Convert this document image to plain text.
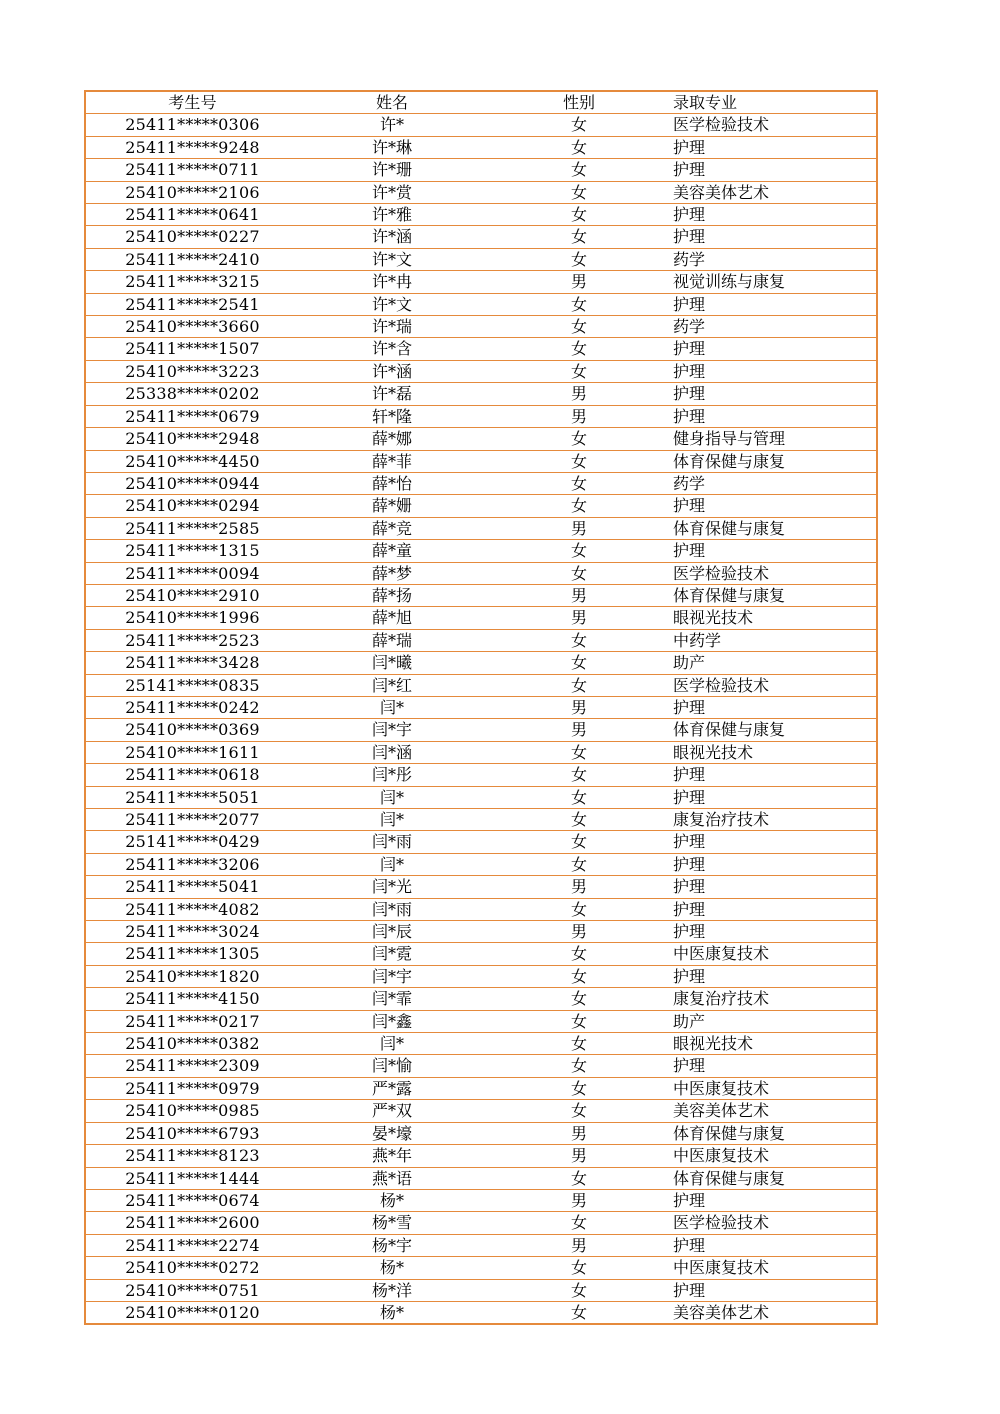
考生号	姓名	性别	录取专业
25411*****0306	许*	女	医学检验技术
25411*****9248	许*琳	女	护理
25411*****0711	许*珊	女	护理
25410*****2106	许*赏	女	美容美体艺术
25411*****0641	许*雅	女	护理
25410*****0227	许*涵	女	护理
25411*****2410	许*文	女	药学
25411*****3215	许*冉	男	视觉训练与康复
25411*****2541	许*文	女	护理
25410*****3660	许*瑞	女	药学
25411*****1507	许*含	女	护理
25410*****3223	许*涵	女	护理
25338*****0202	许*磊	男	护理
25411*****0679	轩*隆	男	护理
25410*****2948	薛*娜	女	健身指导与管理
25410*****4450	薛*菲	女	体育保健与康复
25410*****0944	薛*怡	女	药学
25410*****0294	薛*姗	女	护理
25411*****2585	薛*竞	男	体育保健与康复
25411*****1315	薛*童	女	护理
25411*****0094	薛*梦	女	医学检验技术
25410*****2910	薛*扬	男	体育保健与康复
25410*****1996	薛*旭	男	眼视光技术
25411*****2523	薛*瑞	女	中药学
25411*****3428	闫*曦	女	助产
25141*****0835	闫*红	女	医学检验技术
25411*****0242	闫*	男	护理
25410*****0369	闫*宇	男	体育保健与康复
25410*****1611	闫*涵	女	眼视光技术
25411*****0618	闫*彤	女	护理
25411*****5051	闫*	女	护理
25411*****2077	闫*	女	康复治疗技术
25141*****0429	闫*雨	女	护理
25411*****3206	闫*	女	护理
25411*****5041	闫*光	男	护理
25411*****4082	闫*雨	女	护理
25411*****3024	闫*辰	男	护理
25411*****1305	闫*霓	女	中医康复技术
25410*****1820	闫*宇	女	护理
25411*****4150	闫*霏	女	康复治疗技术
25411*****0217	闫*鑫	女	助产
25410*****0382	闫*	女	眼视光技术
25411*****2309	闫*愉	女	护理
25411*****0979	严*露	女	中医康复技术
25410*****0985	严*双	女	美容美体艺术
25410*****6793	晏*壕	男	体育保健与康复
25411*****8123	燕*年	男	中医康复技术
25411*****1444	燕*语	女	体育保健与康复
25411*****0674	杨*	男	护理
25411*****2600	杨*雪	女	医学检验技术
25411*****2274	杨*宇	男	护理
25410*****0272	杨*	女	中医康复技术
25410*****0751	杨*洋	女	护理
25410*****0120	杨*	女	美容美体艺术
